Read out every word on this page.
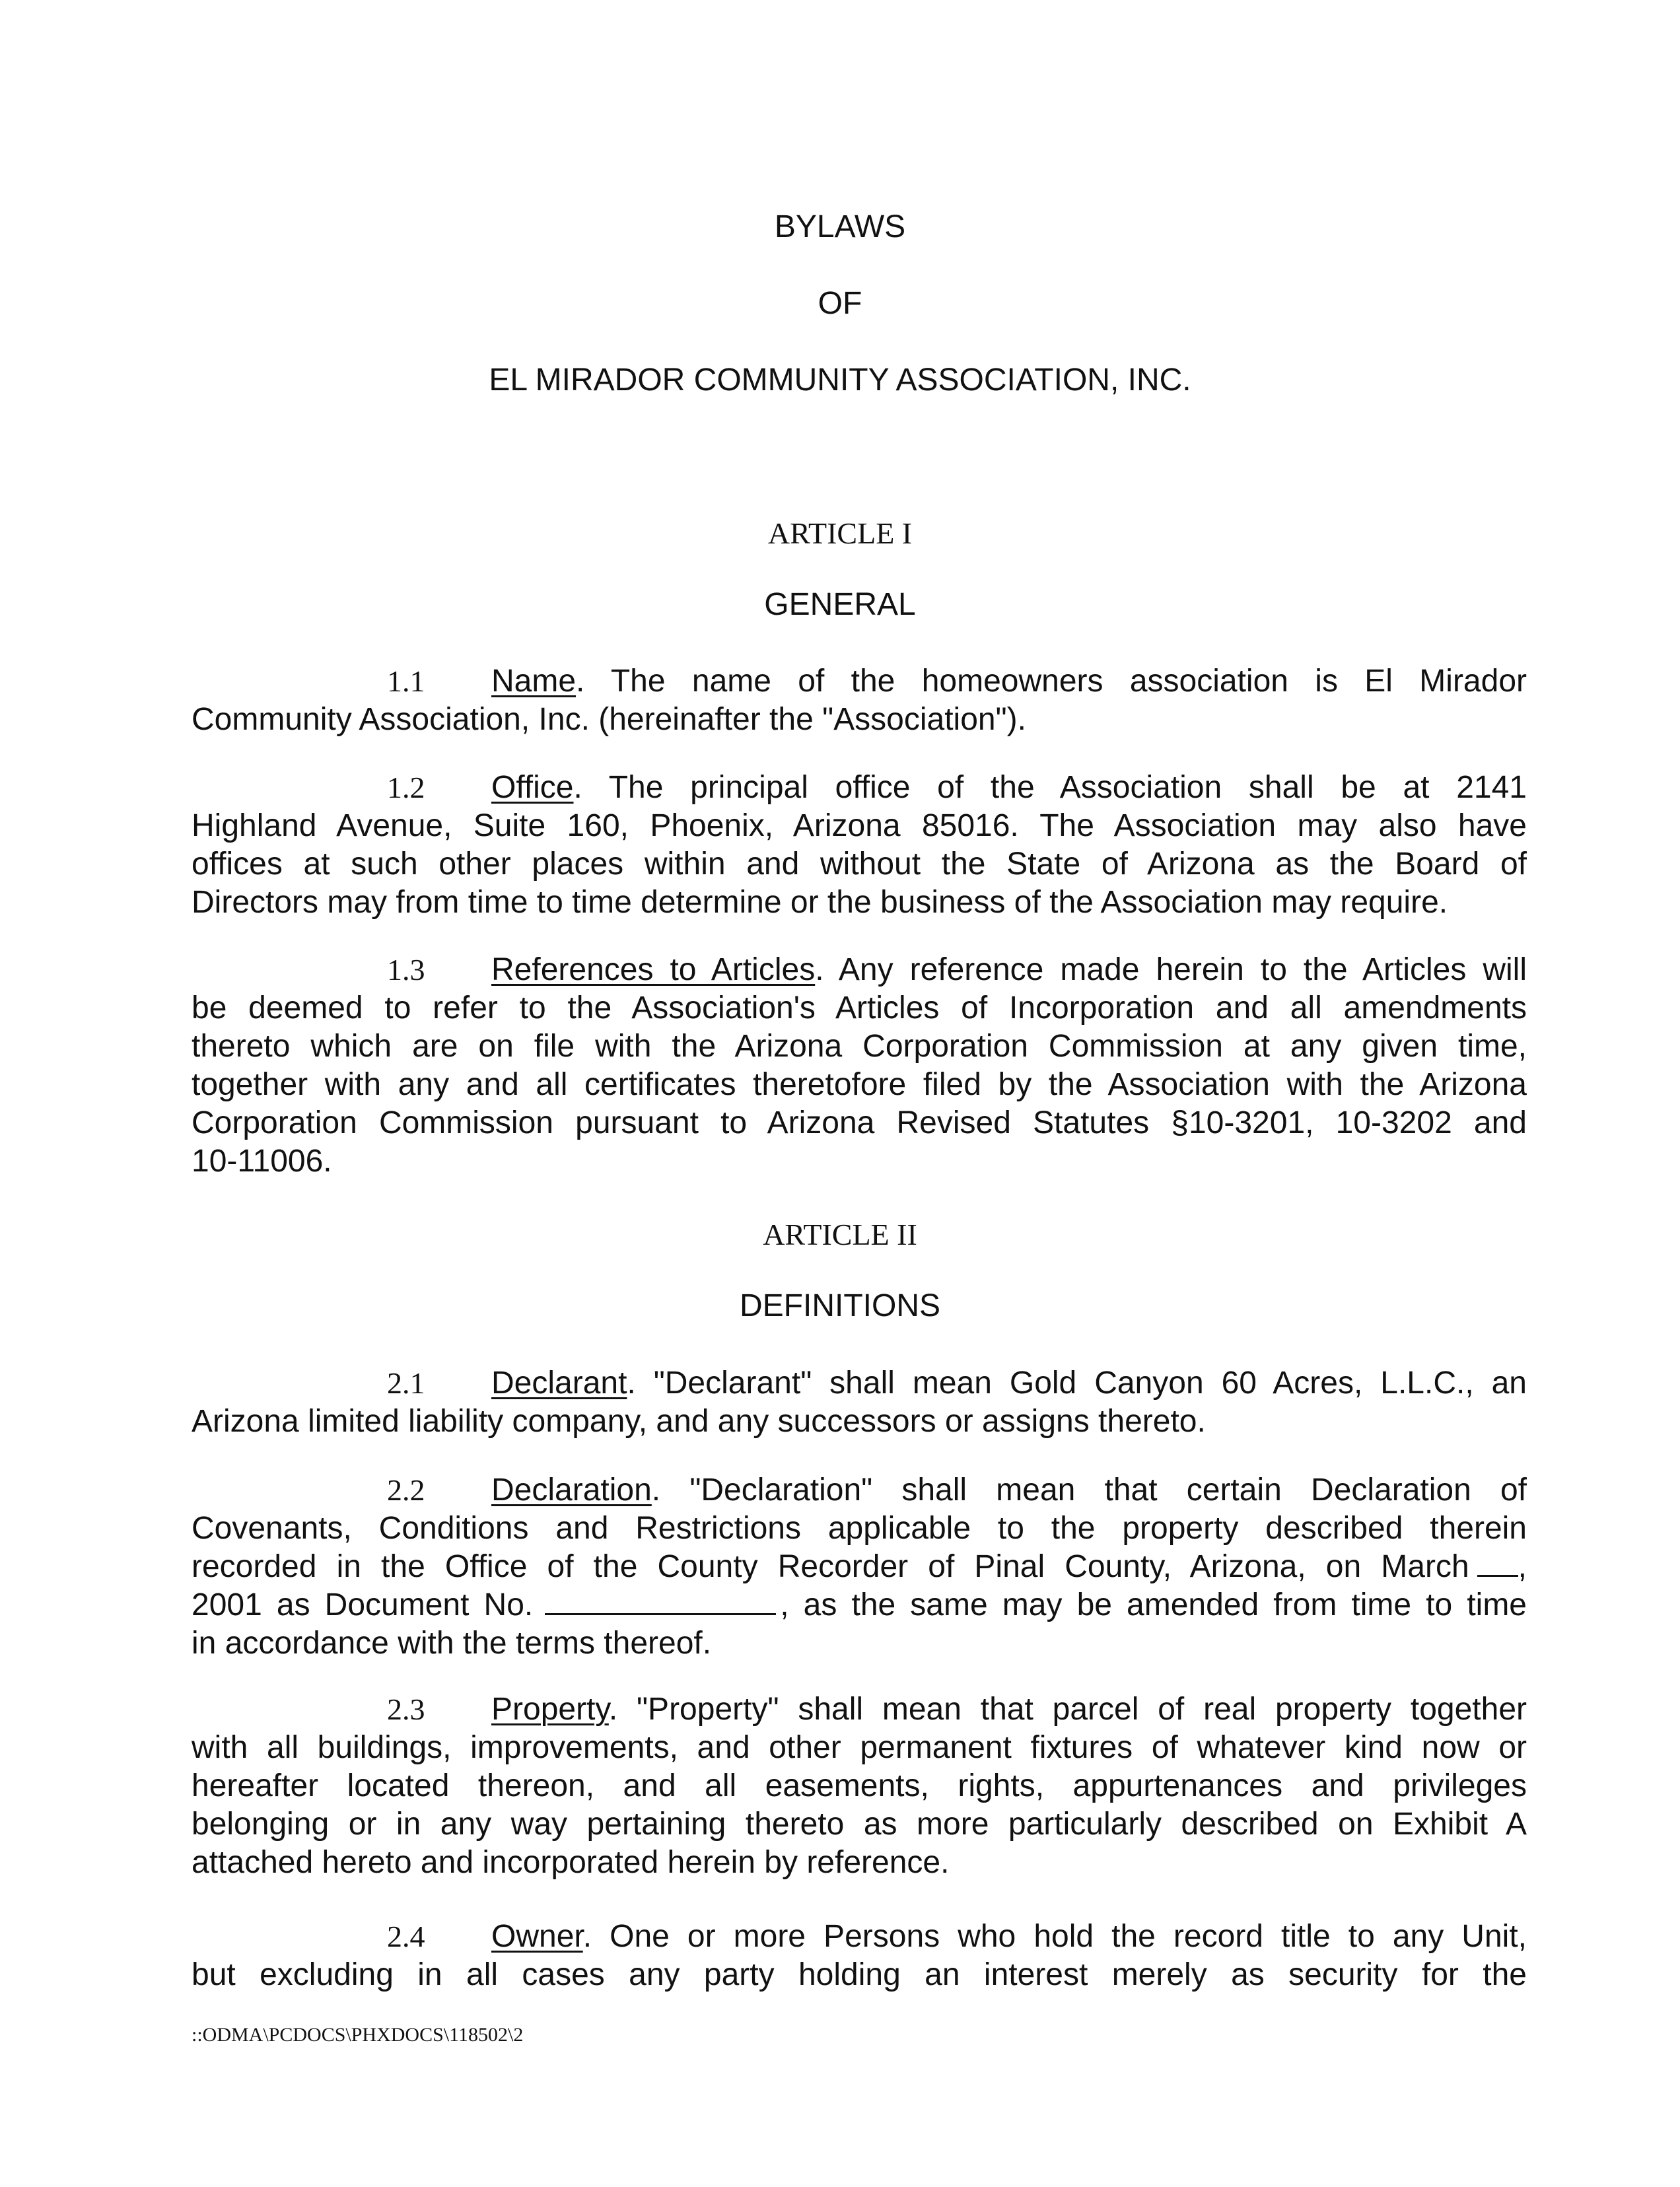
BYLAWS
OF
EL MIRADOR COMMUNITY ASSOCIATION, INC.
ARTICLE I
GENERAL
1.1 Name. The name of the homeowners association is El Mirador
Community Association, Inc. (hereinafter the "Association").
1.2 Office. The principal office of the Association shall be at 2141
Highland Avenue, Suite 160, Phoenix, Arizona 85016. The Association may also have
offices at such other places within and without the State of Arizona as the Board of
Directors may from time to time determine or the business of the Association may require.
1.3 References to Articles. Any reference made herein to the Articles will
be deemed to refer to the Association's Articles of Incorporation and all amendments
thereto which are on file with the Arizona Corporation Commission at any given time,
together with any and all certificates theretofore filed by the Association with the Arizona
Corporation Commission pursuant to Arizona Revised Statutes §10-3201, 10-3202 and
10-11006.
ARTICLE II
DEFINITIONS
2.1 Declarant. "Declarant" shall mean Gold Canyon 60 Acres, L.L.C., an
Arizona limited liability company, and any successors or assigns thereto.
2.2 Declaration. "Declaration" shall mean that certain Declaration of
Covenants, Conditions and Restrictions applicable to the property described therein
recorded in the Office of the County Recorder of Pinal County, Arizona, on March ,
2001 as Document No.	, as the same may be amended from time to time
in accordance with the terms thereof.
2.3 Property. "Property" shall mean that parcel of real property together
with all buildings, improvements, and other permanent fixtures of whatever kind now or
hereafter located thereon, and all easements, rights, appurtenances and privileges
belonging or in any way pertaining thereto as more particularly described on Exhibit A
attached hereto and incorporated herein by reference.
2.4 Owner. One or more Persons who hold the record title to any Unit,
but excluding in all cases any party holding an interest merely as security for the
::ODMA\PCDOCS\PHXDOCS\118502\2
